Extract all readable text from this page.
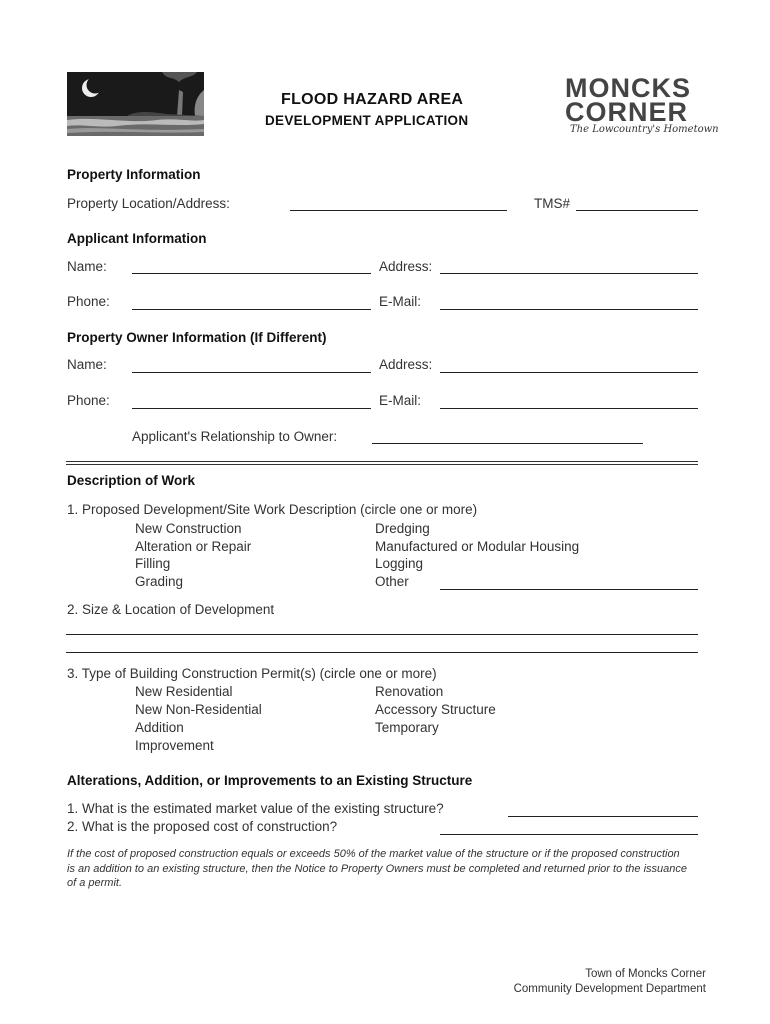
FLOOD HAZARD AREA
DEVELOPMENT APPLICATION
MONCKS
CORNER
The Lowcountry's Hometown
Property Information
Property Location/Address:	TMS#
Applicant Information
Name:	Address:
Phone:	E-Mail:
Property Owner Information (If Different)
Name:	Address:
Phone:	E-Mail:
Applicant's Relationship to Owner:
Description of Work
1. Proposed Development/Site Work Description (circle one or more)
New Construction
Alteration or Repair
Filling
Grading
Dredging
Manufactured or Modular Housing
Logging
Other
2. Size & Location of Development
3. Type of Building Construction Permit(s) (circle one or more)
New Residential
New Non-Residential
Addition
Improvement
Renovation
Accessory Structure
Temporary
Alterations, Addition, or Improvements to an Existing Structure
1. What is the estimated market value of the existing structure?
2. What is the proposed cost of construction?
If the cost of proposed construction equals or exceeds 50% of the market value of the structure or if the proposed construction is an addition to an existing structure, then the Notice to Property Owners must be completed and returned prior to the issuance of a permit.
Town of Moncks Corner
Community Development Department
